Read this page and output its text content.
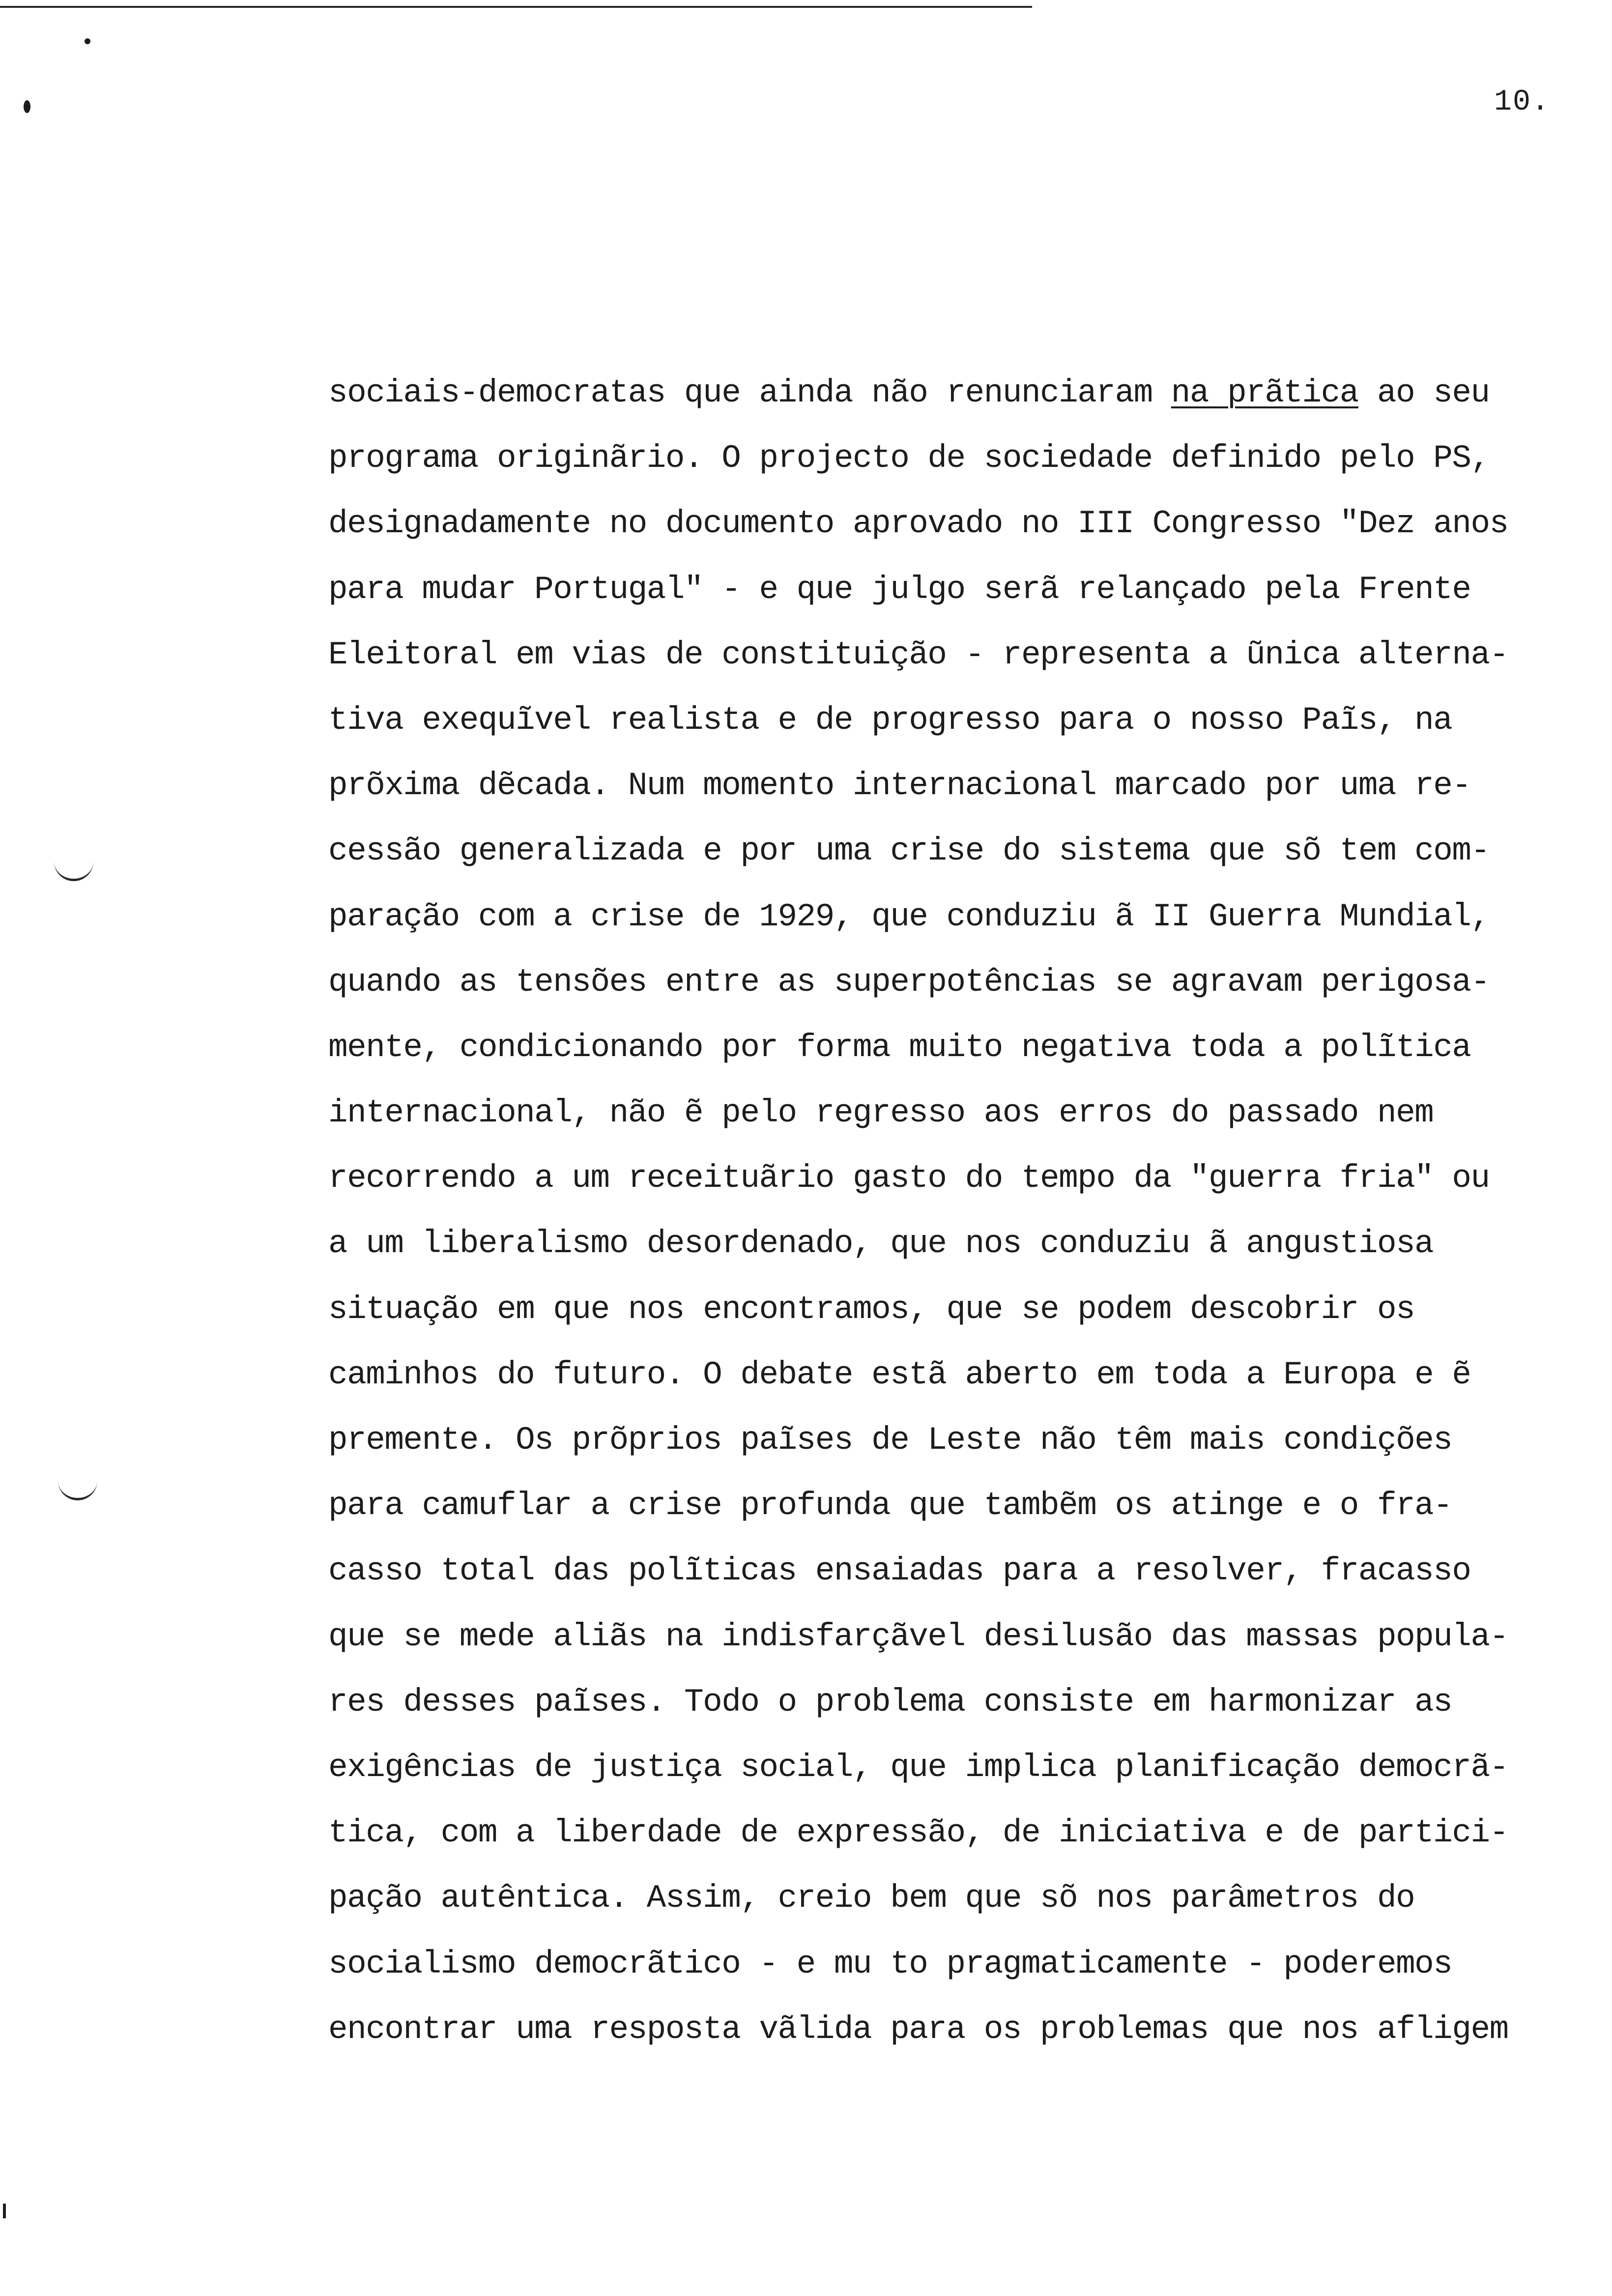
10.
sociais-democratas que ainda não renunciaram na prãtica ao seu
programa originãrio. O projecto de sociedade definido pelo PS,
designadamente no documento aprovado no III Congresso "Dez anos
para mudar Portugal" - e que julgo serã relançado pela Frente
Eleitoral em vias de constituição - representa a ũnica alterna-
tiva exequĩvel realista e de progresso para o nosso Paĩs, na
prõxima dẽcada. Num momento internacional marcado por uma re-
cessão generalizada e por uma crise do sistema que sõ tem com-
paração com a crise de 1929, que conduziu ã II Guerra Mundial,
quando as tensões entre as superpotências se agravam perigosa-
mente, condicionando por forma muito negativa toda a polĩtica
internacional, não ẽ pelo regresso aos erros do passado nem
recorrendo a um receituãrio gasto do tempo da "guerra fria" ou
a um liberalismo desordenado, que nos conduziu ã angustiosa
situação em que nos encontramos, que se podem descobrir os
caminhos do futuro. O debate estã aberto em toda a Europa e ẽ
premente. Os prõprios paĩses de Leste não têm mais condições
para camuflar a crise profunda que tambẽm os atinge e o fra-
casso total das polĩticas ensaiadas para a resolver, fracasso
que se mede aliãs na indisfarçãvel desilusão das massas popula-
res desses paĩses. Todo o problema consiste em harmonizar as
exigências de justiça social, que implica planificação democrã-
tica, com a liberdade de expressão, de iniciativa e de partici-
pação autêntica. Assim, creio bem que sõ nos parâmetros do
socialismo democrãtico - e mu to pragmaticamente - poderemos
encontrar uma resposta vãlida para os problemas que nos afligem
